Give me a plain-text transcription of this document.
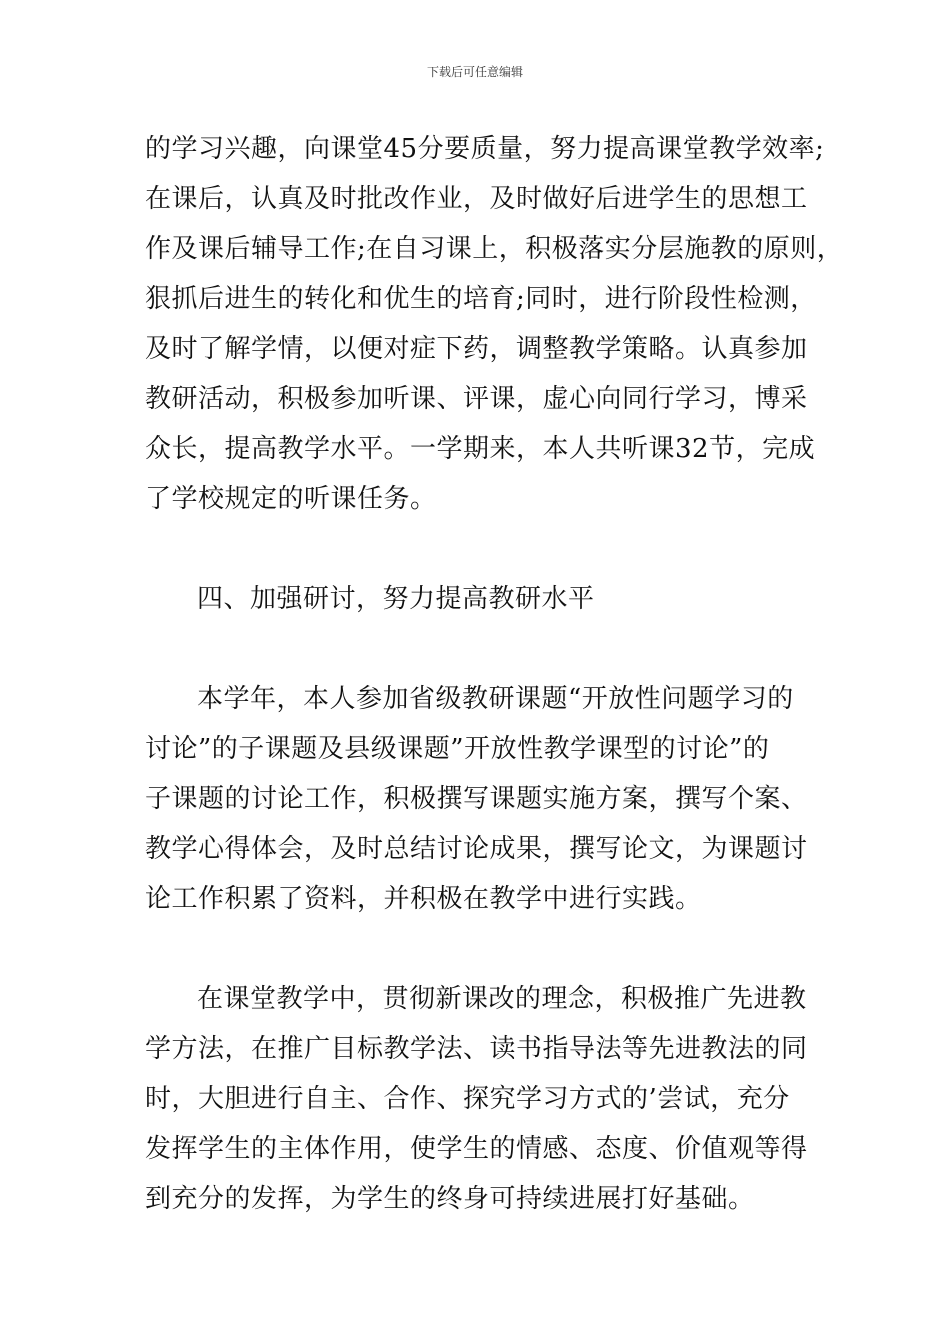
下载后可任意编辑

的学习兴趣，向课堂45分要质量，努力提高课堂教学效率;
在课后，认真及时批改作业，及时做好后进学生的思想工
作及课后辅导工作;在自习课上，积极落实分层施教的原则，
狠抓后进生的转化和优生的培育;同时，进行阶段性检测，
及时了解学情，以便对症下药，调整教学策略。认真参加
教研活动，积极参加听课、评课，虚心向同行学习，博采
众长，提高教学水平。一学期来，本人共听课32节，完成
了学校规定的听课任务。

四、加强研讨，努力提高教研水平

本学年，本人参加省级教研课题“开放性问题学习的
讨论”的子课题及县级课题”开放性教学课型的讨论”的
子课题的讨论工作，积极撰写课题实施方案，撰写个案、
教学心得体会，及时总结讨论成果，撰写论文，为课题讨
论工作积累了资料，并积极在教学中进行实践。

在课堂教学中，贯彻新课改的理念，积极推广先进教
学方法，在推广目标教学法、读书指导法等先进教法的同
时，大胆进行自主、合作、探究学习方式的’尝试，充分
发挥学生的主体作用，使学生的情感、态度、价值观等得
到充分的发挥，为学生的终身可持续进展打好基础。
